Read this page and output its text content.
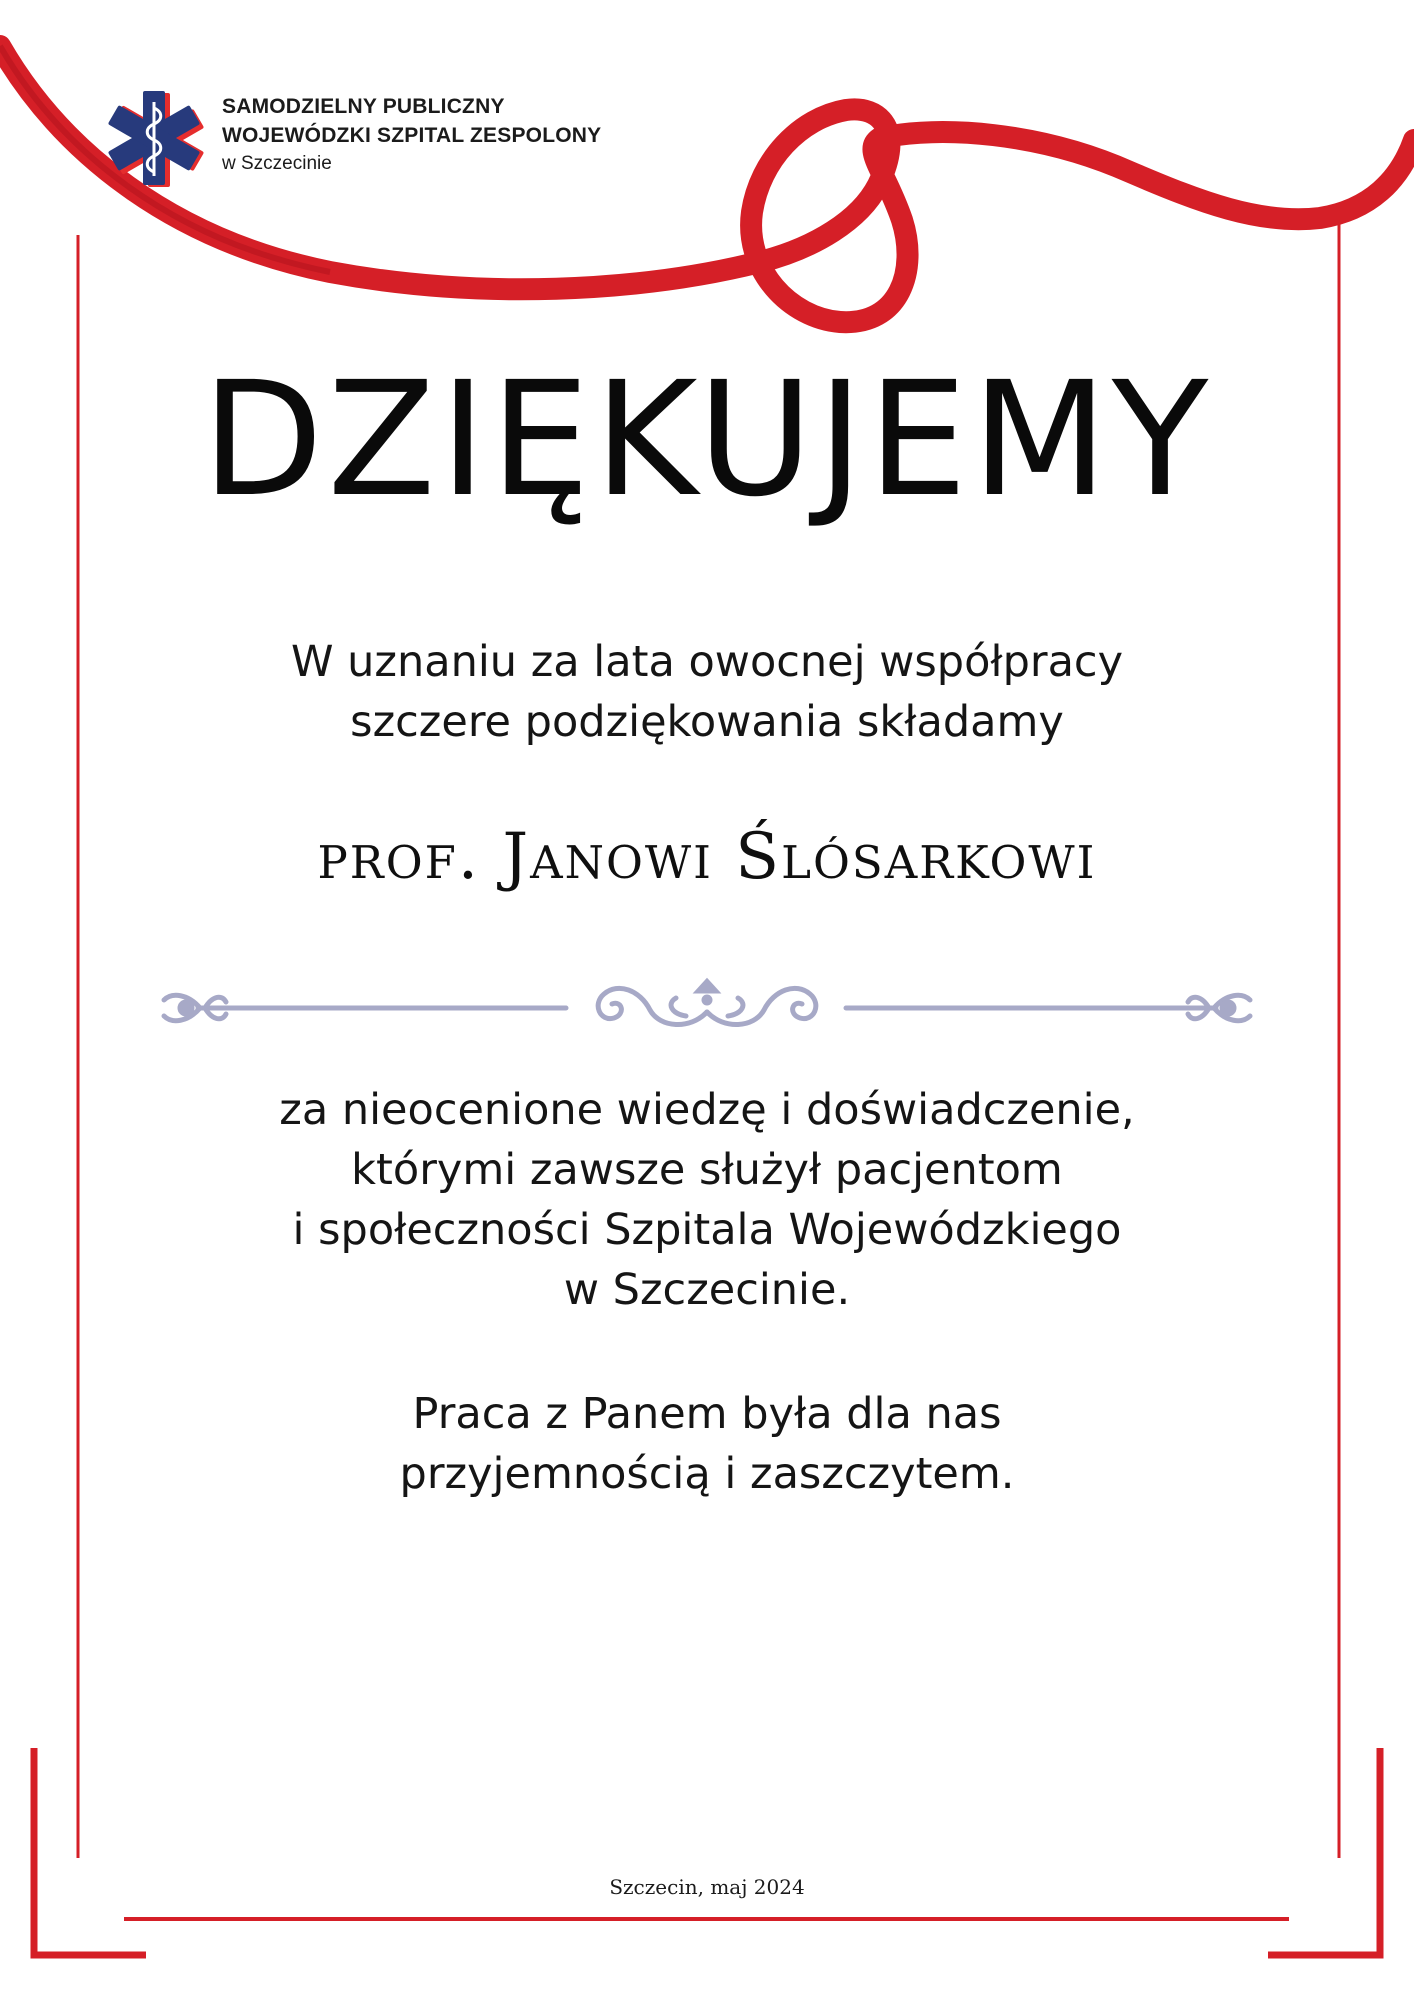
SAMODZIELNY PUBLICZNY
WOJEWÓDZKI SZPITAL ZESPOLONY
w Szczecinie
DZIĘKUJEMY
W uznaniu za lata owocnej współpracy
szczere podziękowania składamy
prof. Janowi Ślósarkowi
za nieocenione wiedzę i doświadczenie,
którymi zawsze służył pacjentom
i społeczności Szpitala Wojewódzkiego
w Szczecinie.
Praca z Panem była dla nas
przyjemnością i zaszczytem.
Szczecin, maj 2024
